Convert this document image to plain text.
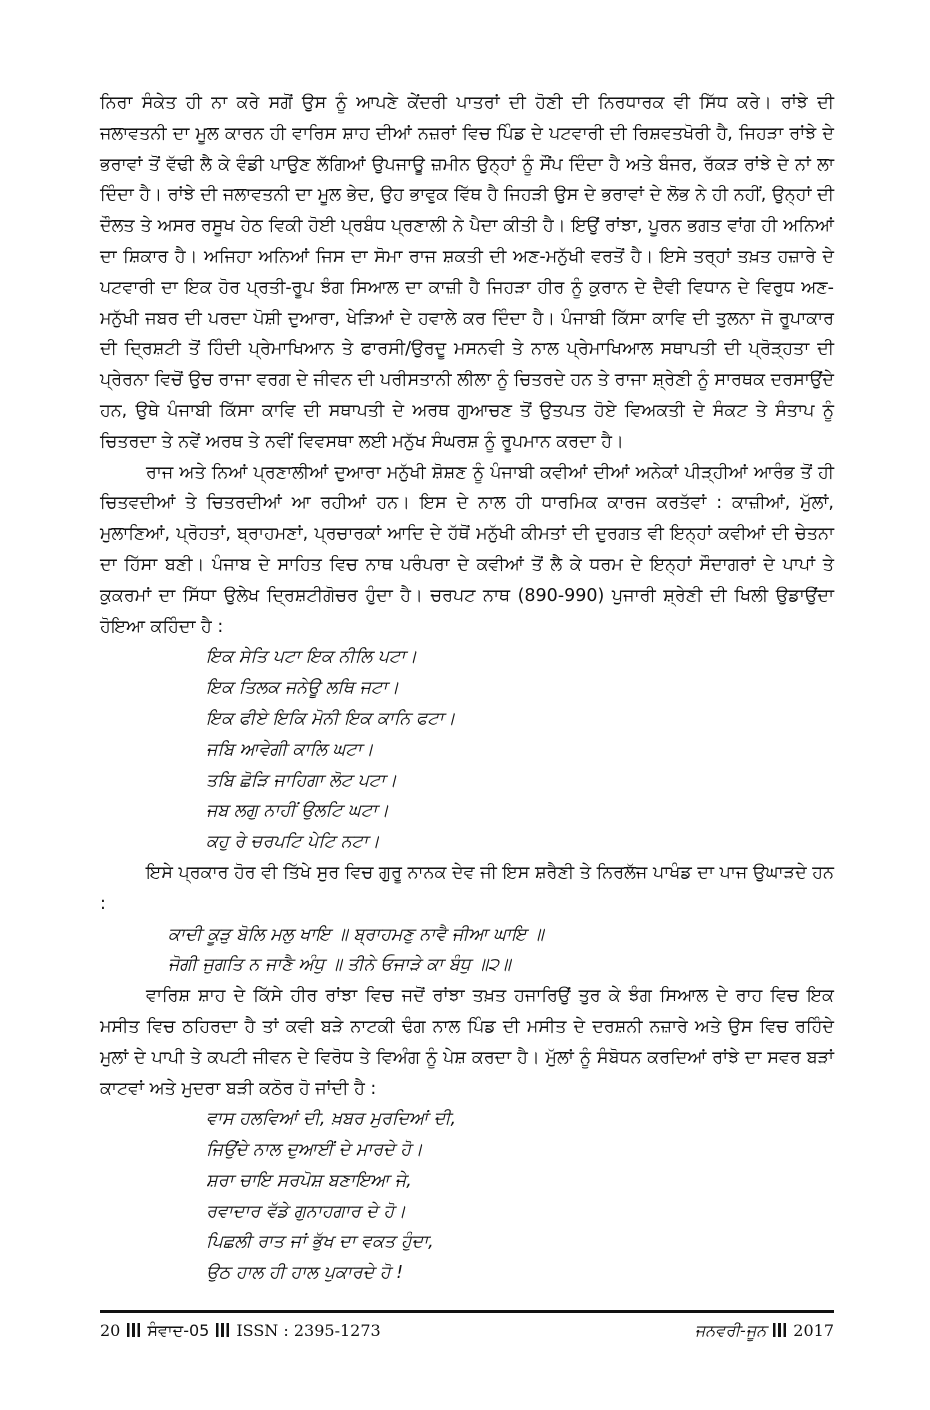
ਨਿਰਾ ਸੰਕੇਤ ਹੀ ਨਾ ਕਰੇ ਸਗੋਂ ਉਸ ਨੂੰ ਆਪਣੇ ਕੇਂਦਰੀ ਪਾਤਰਾਂ ਦੀ ਹੋਣੀ ਦੀ ਨਿਰਧਾਰਕ ਵੀ ਸਿੱਧ ਕਰੇ। ਰਾਂਝੇ ਦੀ ਜਲਾਵਤਨੀ ਦਾ ਮੂਲ ਕਾਰਨ ਹੀ ਵਾਰਿਸ ਸ਼ਾਹ ਦੀਆਂ ਨਜ਼ਰਾਂ ਵਿਚ ਪਿੰਡ ਦੇ ਪਟਵਾਰੀ ਦੀ ਰਿਸ਼ਵਤਖੋਰੀ ਹੈ, ਜਿਹੜਾ ਰਾਂਝੇ ਦੇ ਭਰਾਵਾਂ ਤੋਂ ਵੱਢੀ ਲੈ ਕੇ ਵੰਡੀ ਪਾਉਣ ਲੱਗਿਆਂ ਉਪਜਾਊ ਜ਼ਮੀਨ ਉਨ੍ਹਾਂ ਨੂੰ ਸੌਂਪ ਦਿੰਦਾ ਹੈ ਅਤੇ ਬੰਜਰ, ਰੱਕੜ ਰਾਂਝੇ ਦੇ ਨਾਂ ਲਾ ਦਿੰਦਾ ਹੈ। ਰਾਂਝੇ ਦੀ ਜਲਾਵਤਨੀ ਦਾ ਮੂਲ ਭੇਦ, ਉਹ ਭਾਵੁਕ ਵਿੱਥ ਹੈ ਜਿਹੜੀ ਉਸ ਦੇ ਭਰਾਵਾਂ ਦੇ ਲੋਭ ਨੇ ਹੀ ਨਹੀਂ, ਉਨ੍ਹਾਂ ਦੀ ਦੌਲਤ ਤੇ ਅਸਰ ਰਸੂਖ ਹੇਠ ਵਿਕੀ ਹੋਈ ਪ੍ਰਬੰਧ ਪ੍ਰਣਾਲੀ ਨੇ ਪੈਦਾ ਕੀਤੀ ਹੈ। ਇਉਂ ਰਾਂਝਾ, ਪੂਰਨ ਭਗਤ ਵਾਂਗ ਹੀ ਅਨਿਆਂ ਦਾ ਸ਼ਿਕਾਰ ਹੈ। ਅਜਿਹਾ ਅਨਿਆਂ ਜਿਸ ਦਾ ਸੋਮਾ ਰਾਜ ਸ਼ਕਤੀ ਦੀ ਅਣ-ਮਨੁੱਖੀ ਵਰਤੋਂ ਹੈ। ਇਸੇ ਤਰ੍ਹਾਂ ਤਖ਼ਤ ਹਜ਼ਾਰੇ ਦੇ ਪਟਵਾਰੀ ਦਾ ਇਕ ਹੋਰ ਪ੍ਰਤੀ-ਰੂਪ ਝੰਗ ਸਿਆਲ ਦਾ ਕਾਜ਼ੀ ਹੈ ਜਿਹੜਾ ਹੀਰ ਨੂੰ ਕੁਰਾਨ ਦੇ ਦੈਵੀ ਵਿਧਾਨ ਦੇ ਵਿਰੁਧ ਅਣ-ਮਨੁੱਖੀ ਜਬਰ ਦੀ ਪਰਦਾ ਪੋਸ਼ੀ ਦੁਆਰਾ, ਖੇੜਿਆਂ ਦੇ ਹਵਾਲੇ ਕਰ ਦਿੰਦਾ ਹੈ। ਪੰਜਾਬੀ ਕਿੱਸਾ ਕਾਵਿ ਦੀ ਤੁਲਨਾ ਜੋ ਰੂਪਾਕਾਰ ਦੀ ਦ੍ਰਿਸ਼ਟੀ ਤੋਂ ਹਿੰਦੀ ਪ੍ਰੇਮਾਖਿਆਨ ਤੇ ਫਾਰਸੀ/ਉਰਦੂ ਮਸਨਵੀ ਤੇ ਨਾਲ ਪ੍ਰੇਮਾਖਿਆਲ ਸਥਾਪਤੀ ਦੀ ਪ੍ਰੋੜ੍ਹਤਾ ਦੀ ਪ੍ਰੇਰਨਾ ਵਿਚੋਂ ਉਚ ਰਾਜਾ ਵਰਗ ਦੇ ਜੀਵਨ ਦੀ ਪਰੀਸਤਾਨੀ ਲੀਲਾ ਨੂੰ ਚਿਤਰਦੇ ਹਨ ਤੇ ਰਾਜਾ ਸ਼੍ਰੇਣੀ ਨੂੰ ਸਾਰਥਕ ਦਰਸਾਉਂਦੇ ਹਨ, ਉਥੇ ਪੰਜਾਬੀ ਕਿੱਸਾ ਕਾਵਿ ਦੀ ਸਥਾਪਤੀ ਦੇ ਅਰਥ ਗੁਆਚਣ ਤੋਂ ਉਤਪਤ ਹੋਏ ਵਿਅਕਤੀ ਦੇ ਸੰਕਟ ਤੇ ਸੰਤਾਪ ਨੂੰ ਚਿਤਰਦਾ ਤੇ ਨਵੇਂ ਅਰਥ ਤੇ ਨਵੀਂ ਵਿਵਸਥਾ ਲਈ ਮਨੁੱਖ ਸੰਘਰਸ਼ ਨੂੰ ਰੂਪਮਾਨ ਕਰਦਾ ਹੈ।

ਰਾਜ ਅਤੇ ਨਿਆਂ ਪ੍ਰਣਾਲੀਆਂ ਦੁਆਰਾ ਮਨੁੱਖੀ ਸ਼ੋਸ਼ਣ ਨੂੰ ਪੰਜਾਬੀ ਕਵੀਆਂ ਦੀਆਂ ਅਨੇਕਾਂ ਪੀੜ੍ਹੀਆਂ ਆਰੰਭ ਤੋਂ ਹੀ ਚਿਤਵਦੀਆਂ ਤੇ ਚਿਤਰਦੀਆਂ ਆ ਰਹੀਆਂ ਹਨ। ਇਸ ਦੇ ਨਾਲ ਹੀ ਧਾਰਮਿਕ ਕਾਰਜ ਕਰਤੱਵਾਂ : ਕਾਜ਼ੀਆਂ, ਮੁੱਲਾਂ, ਮੁਲਾਣਿਆਂ, ਪ੍ਰੋਹਤਾਂ, ਬ੍ਰਾਹਮਣਾਂ, ਪ੍ਰਚਾਰਕਾਂ ਆਦਿ ਦੇ ਹੱਥੋਂ ਮਨੁੱਖੀ ਕੀਮਤਾਂ ਦੀ ਦੁਰਗਤ ਵੀ ਇਨ੍ਹਾਂ ਕਵੀਆਂ ਦੀ ਚੇਤਨਾ ਦਾ ਹਿੱਸਾ ਬਣੀ। ਪੰਜਾਬ ਦੇ ਸਾਹਿਤ ਵਿਚ ਨਾਥ ਪਰੰਪਰਾ ਦੇ ਕਵੀਆਂ ਤੋਂ ਲੈ ਕੇ ਧਰਮ ਦੇ ਇਨ੍ਹਾਂ ਸੌਦਾਗਰਾਂ ਦੇ ਪਾਪਾਂ ਤੇ ਕੁਕਰਮਾਂ ਦਾ ਸਿੱਧਾ ਉਲੇਖ ਦ੍ਰਿਸ਼ਟੀਗੋਚਰ ਹੁੰਦਾ ਹੈ। ਚਰਪਟ ਨਾਥ (890-990) ਪੁਜਾਰੀ ਸ਼੍ਰੇਣੀ ਦੀ ਖਿਲੀ ਉਡਾਉਂਦਾ ਹੋਇਆ ਕਹਿੰਦਾ ਹੈ :

ਇਕ ਸੇਤਿ ਪਟਾ ਇਕ ਨੀਲਿ ਪਟਾ।
ਇਕ ਤਿਲਕ ਜਨੇਊ ਲਥਿ ਜਟਾ।
ਇਕ ਫੀਏ ਇਕਿ ਮੋਨੀ ਇਕ ਕਾਨਿ ਫਟਾ।
ਜਬਿ ਆਵੇਗੀ ਕਾਲਿ ਘਟਾ।
ਤਬਿ ਛੋੜਿ ਜਾਹਿਗਾ ਲੋਟ ਪਟਾ।
ਜਬ ਲਗੁ ਨਾਹੀਂ ਉਲਟਿ ਘਟਾ।
ਕਹੁ ਰੇ ਚਰਪਟਿ ਪੇਟਿ ਨਟਾ।

ਇਸੇ ਪ੍ਰਕਾਰ ਹੋਰ ਵੀ ਤਿੱਖੇ ਸੁਰ ਵਿਚ ਗੁਰੂ ਨਾਨਕ ਦੇਵ ਜੀ ਇਸ ਸ਼ਰੈਣੀ ਤੇ ਨਿਰਲੱਜ ਪਾਖੰਡ ਦਾ ਪਾਜ ਉਘਾੜਦੇ ਹਨ :

ਕਾਦੀ ਕੂੜੁ ਬੋਲਿ ਮਲੁ ਖਾਇ ॥ ਬ੍ਰਾਹਮਣੁ ਨਾਵੈ ਜੀਆ ਘਾਇ ॥
ਜੋਗੀ ਜੁਗਤਿ ਨ ਜਾਣੈ ਅੰਧੁ ॥ ਤੀਨੇ ਓਜਾੜੇ ਕਾ ਬੰਧੁ ॥੨॥

ਵਾਰਿਸ਼ ਸ਼ਾਹ ਦੇ ਕਿੱਸੇ ਹੀਰ ਰਾਂਝਾ ਵਿਚ ਜਦੋਂ ਰਾਂਝਾ ਤਖ਼ਤ ਹਜਾਰਿਉਂ ਤੁਰ ਕੇ ਝੰਗ ਸਿਆਲ ਦੇ ਰਾਹ ਵਿਚ ਇਕ ਮਸੀਤ ਵਿਚ ਠਹਿਰਦਾ ਹੈ ਤਾਂ ਕਵੀ ਬੜੇ ਨਾਟਕੀ ਢੰਗ ਨਾਲ ਪਿੰਡ ਦੀ ਮਸੀਤ ਦੇ ਦਰਸ਼ਨੀ ਨਜ਼ਾਰੇ ਅਤੇ ਉਸ ਵਿਚ ਰਹਿੰਦੇ ਮੁਲਾਂ ਦੇ ਪਾਪੀ ਤੇ ਕਪਟੀ ਜੀਵਨ ਦੇ ਵਿਰੋਧ ਤੇ ਵਿਅੰਗ ਨੂੰ ਪੇਸ਼ ਕਰਦਾ ਹੈ। ਮੁੱਲਾਂ ਨੂੰ ਸੰਬੋਧਨ ਕਰਦਿਆਂ ਰਾਂਝੇ ਦਾ ਸਵਰ ਬੜਾਂ ਕਾਟਵਾਂ ਅਤੇ ਮੁਦਰਾ ਬੜੀ ਕਠੋਰ ਹੋ ਜਾਂਦੀ ਹੈ :

ਵਾਸ ਹਲਵਿਆਂ ਦੀ, ਖ਼ਬਰ ਮੁਰਦਿਆਂ ਦੀ,
ਜਿਉਂਦੇ ਨਾਲ ਦੁਆਈਂ ਦੇ ਮਾਰਦੇ ਹੋ।
ਸ਼ਰਾ ਚਾਇ ਸਰਪੋਸ਼ ਬਣਾਇਆ ਜੇ,
ਰਵਾਦਾਰ ਵੱਡੇ ਗੁਨਾਹਗਾਰ ਦੇ ਹੋ।
ਪਿਛਲੀ ਰਾਤ ਜਾਂ ਭੁੱਖ ਦਾ ਵਕਤ ਹੁੰਦਾ,
ਉਠ ਹਾਲ ਹੀ ਹਾਲ ਪੁਕਾਰਦੇ ਹੋ !
20 ਸੰਵਾਦ-05 ISSN : 2395-1273	ਜਨਵਰੀ-ਜੂਨ 2017
